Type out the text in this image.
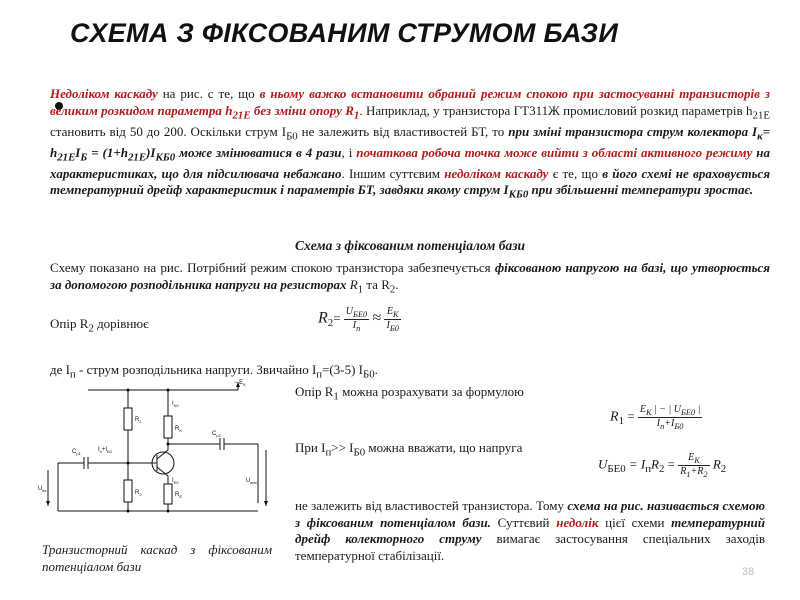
СХЕМА З ФІКСОВАНИМ СТРУМОМ БАЗИ
Недоліком каскаду на рис. с те, що в ньому важко встановити обраний режим спокою при застосуванні транзисторів з великим розкидом параметра $h_{21Е}$ без зміни опору $R_1$. Наприклад, у транзистора ГТ311Ж промисловий розкид параметрів $h_{21Е}$ становить від 50 до 200. Оскільки струм $I_{Б0}$ не залежить від властивостей БТ, то при зміні транзистора струм колектора $I_к= h_{21Е}I_Б = (1+h_{21Е})I_{КБ0}$ може змінюватися в 4 рази, і початкова робоча точка може вийти з області активного режиму на характеристиках, що для підсилювача небажано. Іншим суттєвим недоліком каскаду є те, що в його схемі не враховується температурний дрейф характеристик і параметрів БТ, завдяки якому струм $I_{КБ0}$ при збільшенні температури зростає.
Схема з фіксованим потенціалом бази
Схему показано на рис. Потрібний режим спокою транзистора забезпечується фіксованою напругою на базі, що утворюється за допомогою розподільника напруги на резисторах $R_1$ та $R_2$.
Опір $R_2$ дорівнює	$R_2= \frac{U_{БЕ0}}{I_п} \approx \frac{E_К}{I_{Б0}}$
де $I_п$ - струм розподільника напруги. Звичайно $I_п=(3-5)$ $I_{Б0}$.
Опір $R_1$ можна розрахувати за формулою
$R_1 = \frac{E_K | - | U_{БЕ0} |}{I_п+I_{Б0}}$
При $I_п>> I_{Б0}$ можна вважати, що напруга
$U_{БЕ0} = I_пR_2 = \frac{E_K}{R_1+R_2} R_2$
не залежить від властивостей транзистора. Тому схема на рис. називається схемою з фіксованим потенціалом бази. Суттєвий недолік цієї схеми температурний дрейф колекторного струму вимагає застосування спеціальних заходів температурної стабілізації.
− $E_K$
$R_1$
$I_{K0}$
$R_K$
$C_{p1}$
$C_{p2}$
$I_п+I_{Б0}$
$R_2$	$R_E$
$I_{E0}$
$U_{вх}$
$U_{вих}$
Транзисторний каскад з фіксованим потенціалом бази	38
